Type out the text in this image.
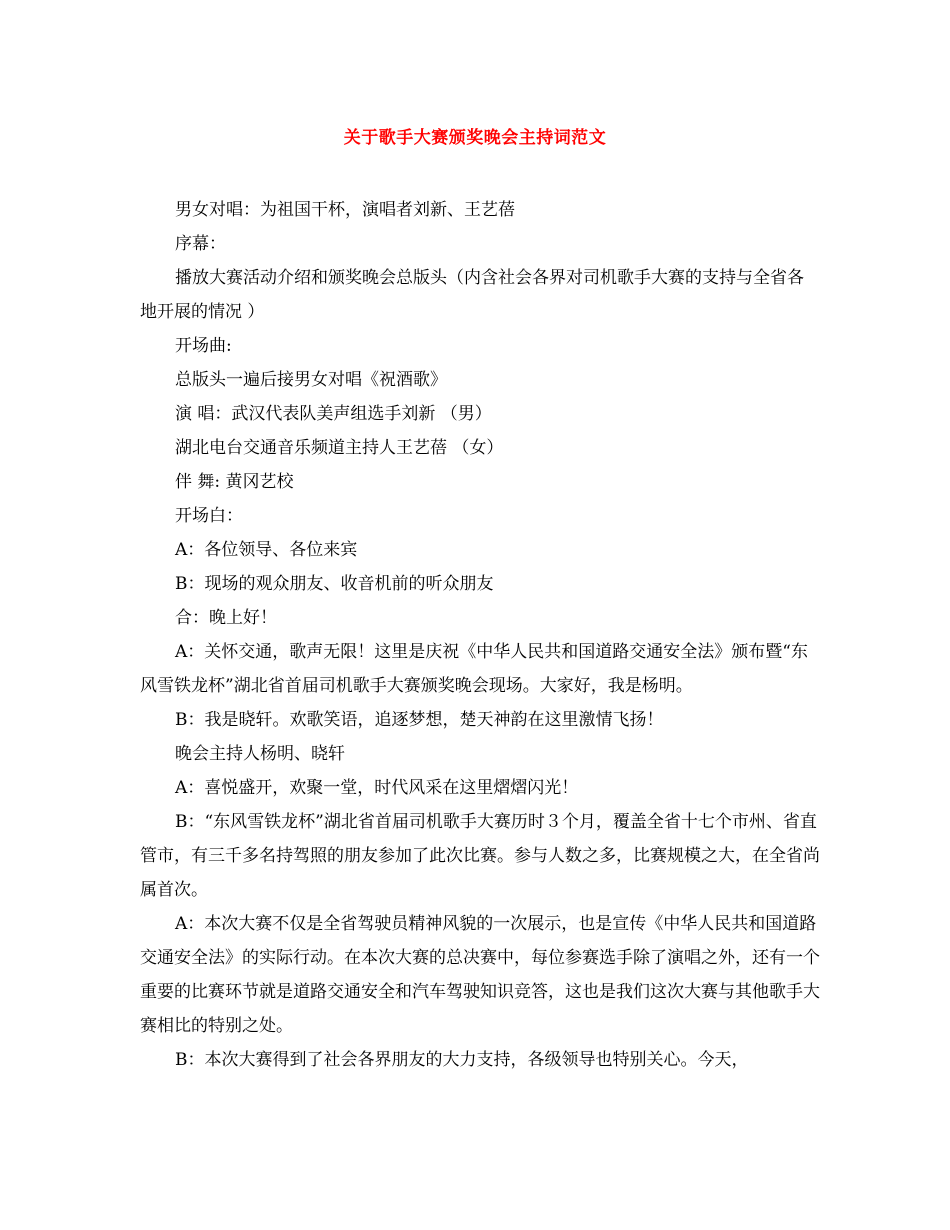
关于歌手大赛颁奖晚会主持词范文

男女对唱：为祖国干杯，演唱者刘新、王艺蓓

序幕：

播放大赛活动介绍和颁奖晚会总版头（内含社会各界对司机歌手大赛的支持与全省各地开展的情况 ）

开场曲:

总版头一遍后接男女对唱《祝酒歌》

演 唱：武汉代表队美声组选手刘新 （男）

湖北电台交通音乐频道主持人王艺蓓 （女）

伴 舞: 黄冈艺校

开场白：

A：各位领导、各位来宾

B：现场的观众朋友、收音机前的听众朋友

合：晚上好！

A：关怀交通，歌声无限！这里是庆祝《中华人民共和国道路交通安全法》颁布暨“东风雪铁龙杯”湖北省首届司机歌手大赛颁奖晚会现场。大家好，我是杨明。

B：我是晓轩。欢歌笑语，追逐梦想，楚天神韵在这里激情飞扬！

晚会主持人杨明、晓轩

A：喜悦盛开，欢聚一堂，时代风采在这里熠熠闪光！

B：“东风雪铁龙杯”湖北省首届司机歌手大赛历时３个月，覆盖全省十七个市州、省直管市，有三千多名持驾照的朋友参加了此次比赛。参与人数之多，比赛规模之大，在全省尚属首次。

A：本次大赛不仅是全省驾驶员精神风貌的一次展示，也是宣传《中华人民共和国道路交通安全法》的实际行动。在本次大赛的总决赛中，每位参赛选手除了演唱之外，还有一个重要的比赛环节就是道路交通安全和汽车驾驶知识竞答，这也是我们这次大赛与其他歌手大赛相比的特别之处。

B：本次大赛得到了社会各界朋友的大力支持，各级领导也特别关心。今天，
